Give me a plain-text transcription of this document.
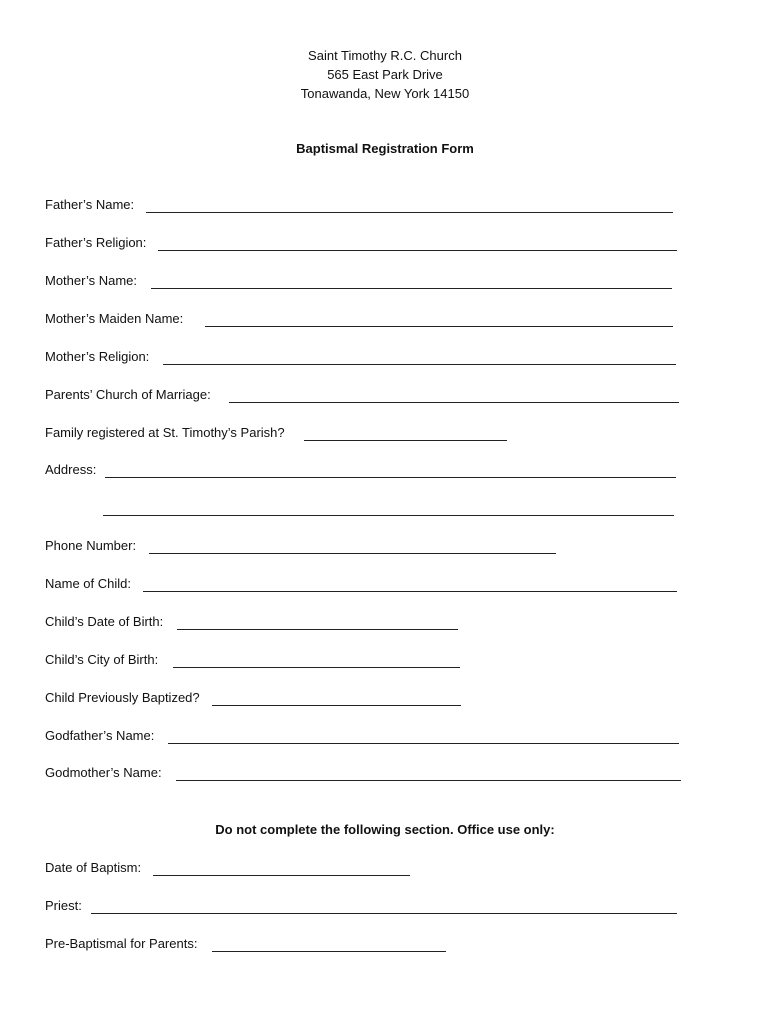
Saint Timothy R.C. Church
565 East Park Drive
Tonawanda, New York 14150
Baptismal Registration Form
Father’s Name:
Father’s Religion:
Mother’s Name:
Mother’s Maiden Name:
Mother’s Religion:
Parents’ Church of Marriage:
Family registered at St. Timothy’s Parish?
Address:
Phone Number:
Name of Child:
Child’s Date of Birth:
Child’s City of Birth:
Child Previously Baptized?
Godfather’s Name:
Godmother’s Name:
Do not complete the following section. Office use only:
Date of Baptism:
Priest:
Pre-Baptismal for Parents:
